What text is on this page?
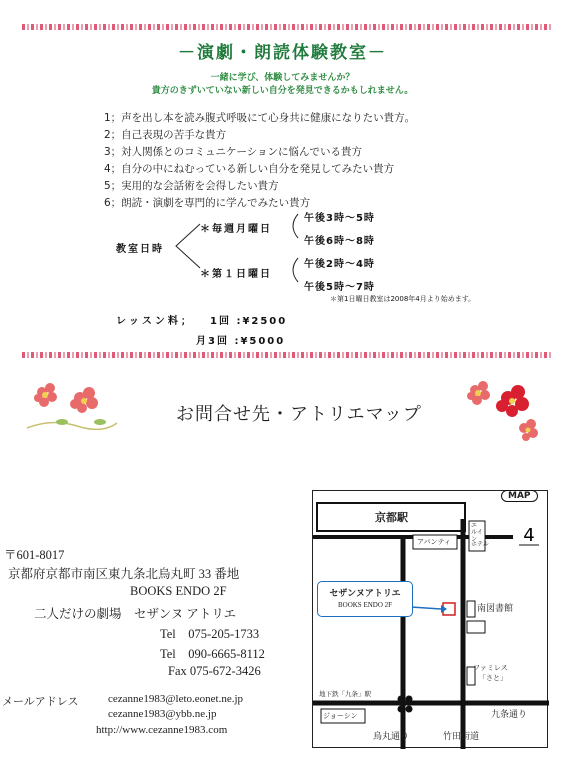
－演劇・朗読体験教室－
一緒に学び、体験してみませんか？
貴方のきずいていない新しい自分を発見できるかもしれません。
1；声を出し本を読み腹式呼吸にて心身共に健康になりたい貴方。
2；自己表現の苦手な貴方
3；対人関係とのコミュニケーションに悩んでいる貴方
4；自分の中にねむっている新しい自分を発見してみたい貴方
5；実用的な会話術を会得したい貴方
6；朗読・演劇を専門的に学んでみたい貴方
教室日時
＊毎週月曜日
午後3時～5時
午後6時～8時
＊第１日曜日
午後2時～4時
午後5時～7時
＊第1日曜日教室は2008年4月より始めます。
レッスン料； 1回 :¥2500
月3回 :¥5000
お問合せ先・アトリエマップ
〒601-8017
京都府京都市南区東九条北烏丸町 33 番地
BOOKS ENDO 2F
二人だけの劇場　セザンヌ アトリエ
Tel　075-205-1733
Tel　090-6665-8112
Fax 075-672-3426
メールアドレス	cezanne1983@leto.eonet.ne.jp
cezanne1983@ybb.ne.jp
http://www.cezanne1983.com
4
MAP
京都駅
アバンティ
エルイン
ホテル
セザンヌアトリエ
BOOKS ENDO 2F	南図書館
ファミレス
「さと」
地下鉄「九条」駅
ジョーシン	九条通り
烏丸通り	竹田街道
